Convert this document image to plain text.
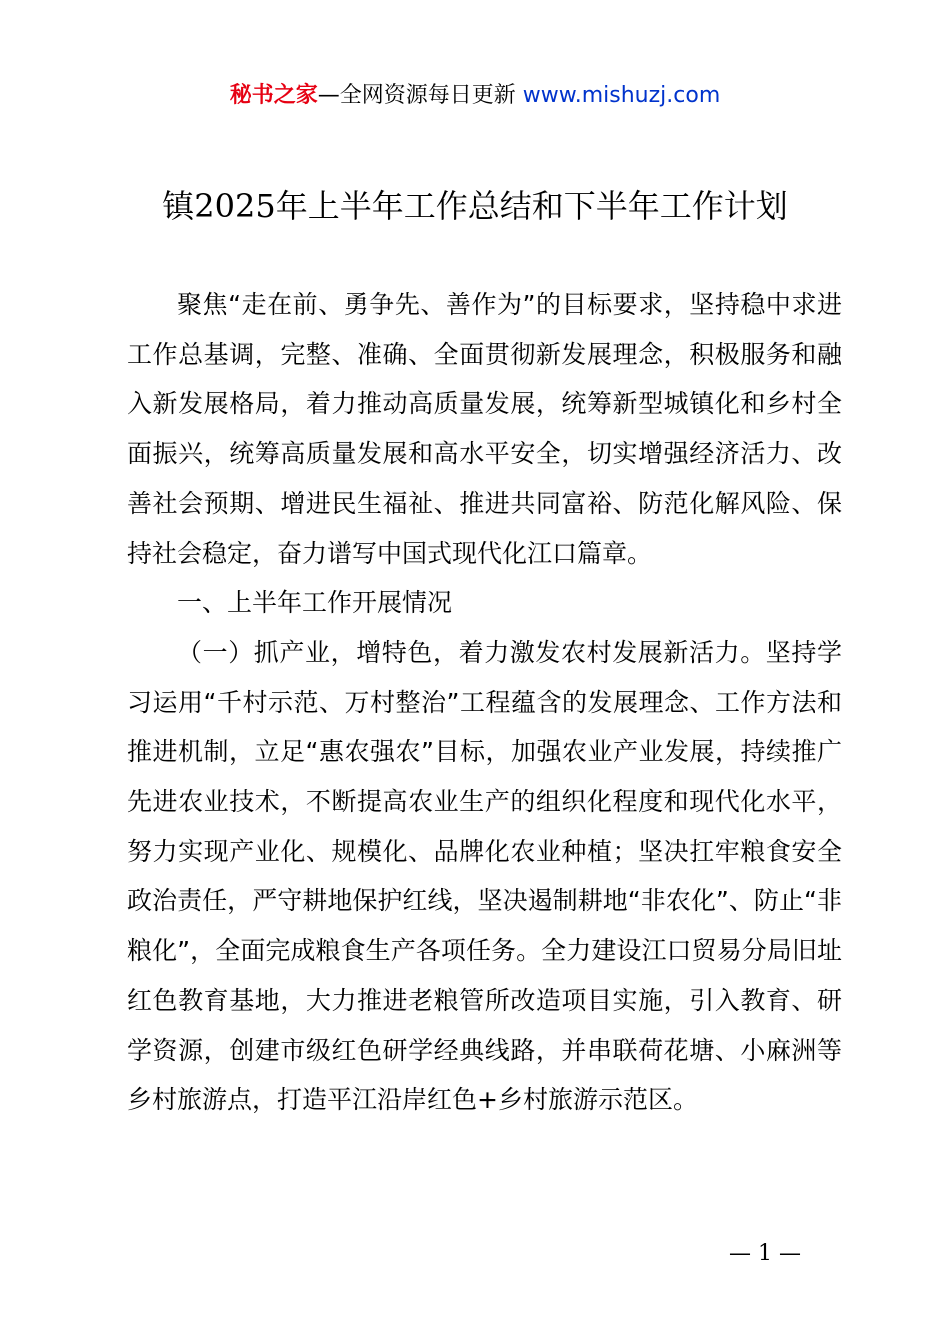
秘书之家—全网资源每日更新 www.mishuzj.com
镇2025年上半年工作总结和下半年工作计划

聚焦“走在前、勇争先、善作为”的目标要求，坚持稳中求进工作总基调，完整、准确、全面贯彻新发展理念，积极服务和融入新发展格局，着力推动高质量发展，统筹新型城镇化和乡村全面振兴，统筹高质量发展和高水平安全，切实增强经济活力、改善社会预期、增进民生福祉、推进共同富裕、防范化解风险、保持社会稳定，奋力谱写中国式现代化江口篇章。

一、上半年工作开展情况

（一）抓产业，增特色，着力激发农村发展新活力。坚持学习运用“千村示范、万村整治”工程蕴含的发展理念、工作方法和推进机制，立足“惠农强农”目标，加强农业产业发展，持续推广先进农业技术，不断提高农业生产的组织化程度和现代化水平，努力实现产业化、规模化、品牌化农业种植；坚决扛牢粮食安全政治责任，严守耕地保护红线，坚决遏制耕地“非农化”、防止“非粮化”，全面完成粮食生产各项任务。全力建设江口贸易分局旧址红色教育基地，大力推进老粮管所改造项目实施，引入教育、研学资源，创建市级红色研学经典线路，并串联荷花塘、小麻洲等乡村旅游点，打造平江沿岸红色+乡村旅游示范区。

— 1 —
